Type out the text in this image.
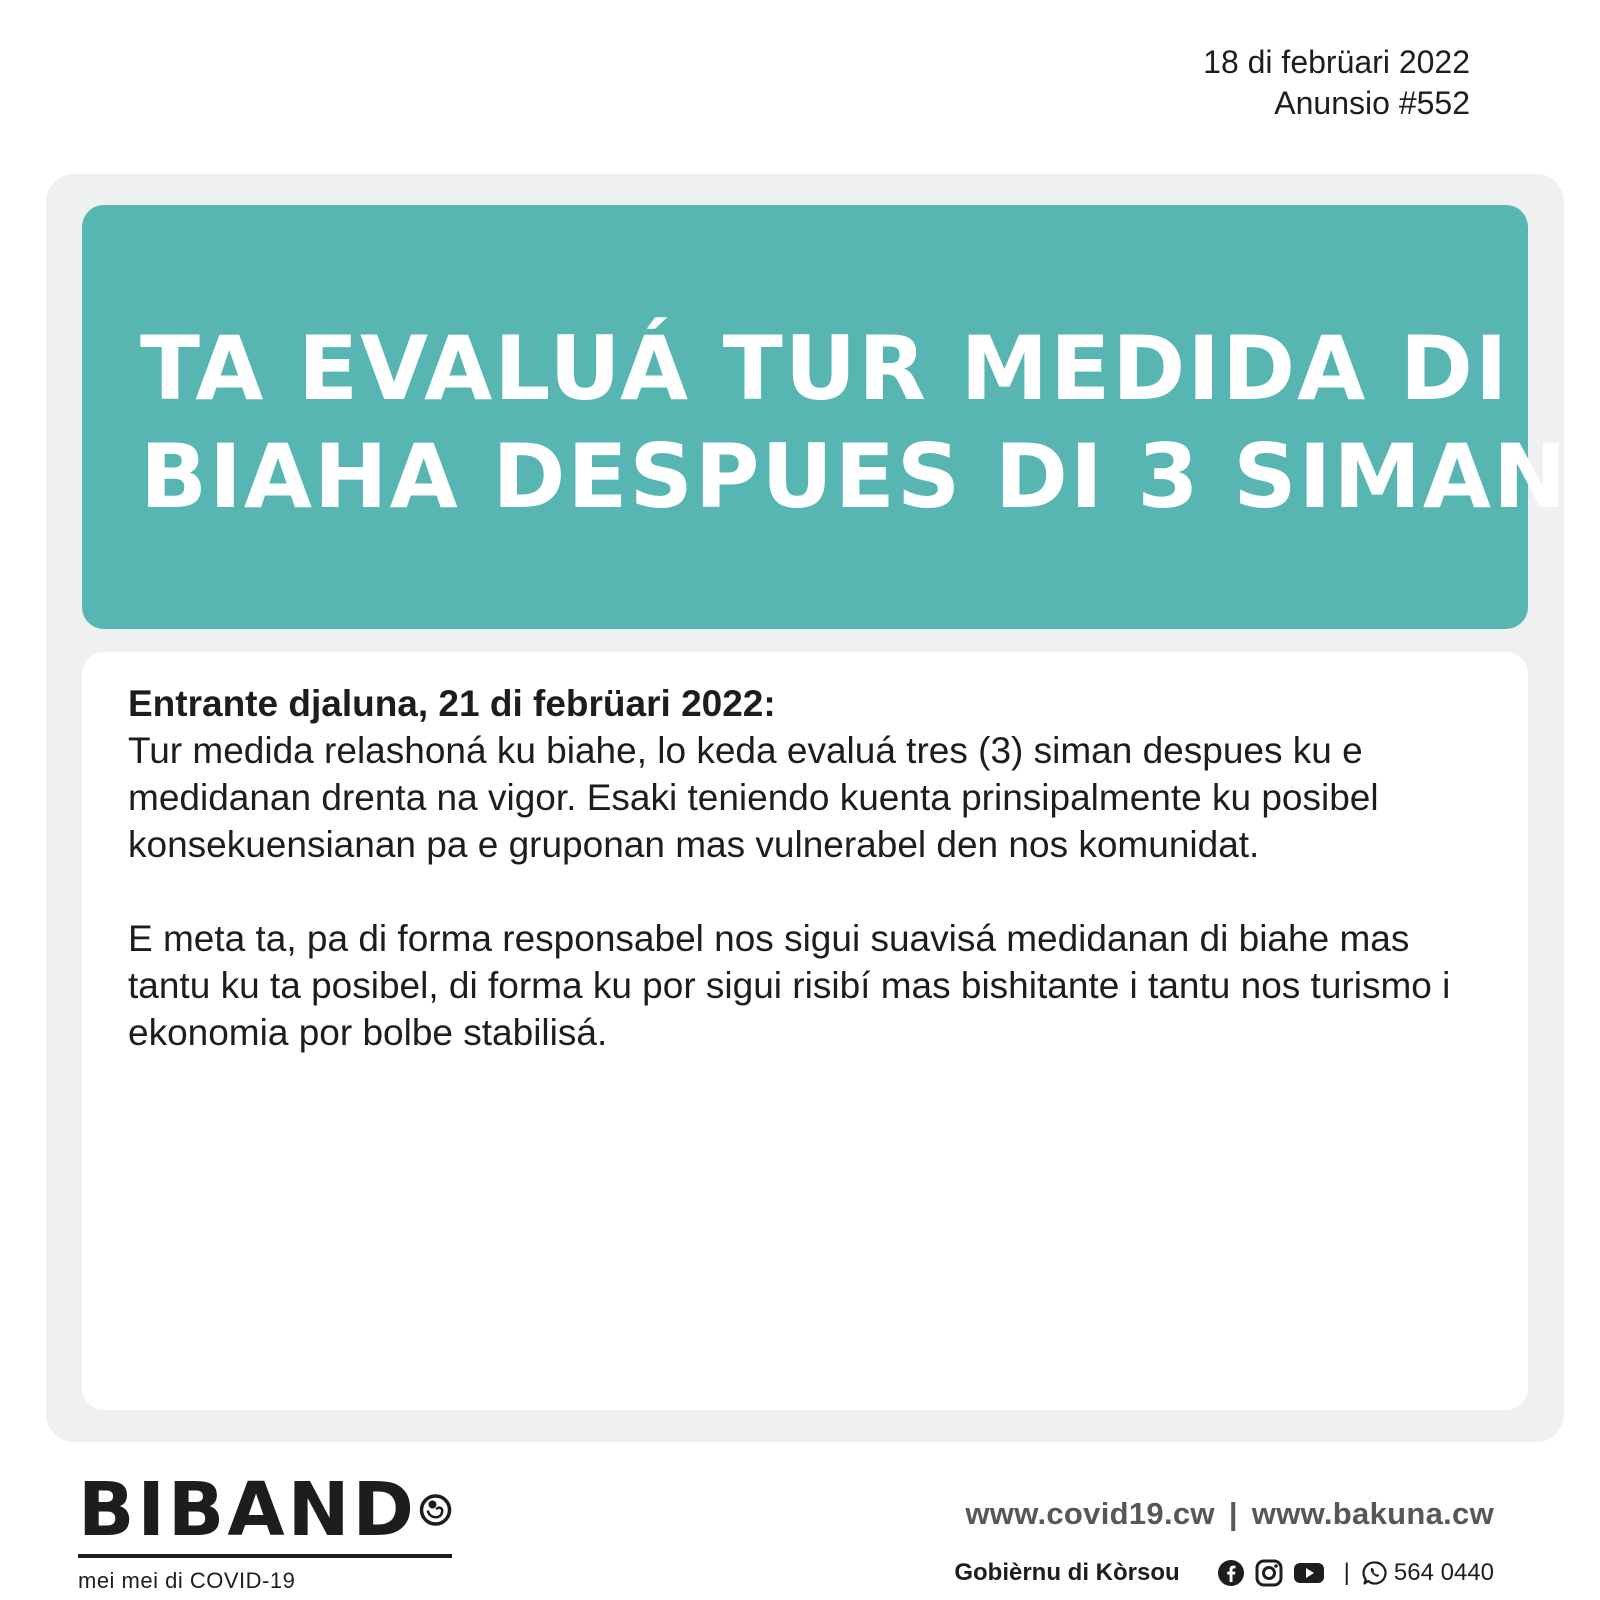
18 di febrüari 2022
Anunsio #552
TA EVALUÁ TUR MEDIDA DI
BIAHA DESPUES DI 3 SIMAN

Entrante djaluna, 21 di febrüari 2022:

Tur medida relashoná ku biahe, lo keda evaluá tres (3) siman despues ku e medidanan drenta na vigor. Esaki teniendo kuenta prinsipalmente ku posibel konsekuensianan pa e gruponan mas vulnerabel den nos komunidat.

E meta ta, pa di forma responsabel nos sigui suavisá medidanan di biahe mas tantu ku ta posibel, di forma ku por sigui risibí mas bishitante i tantu nos turismo i ekonomia por bolbe stabilisá.

BIBAND
mei mei di COVID-19
www.covid19.cw | www.bakuna.cw
Gobièrnu di Kòrsou	| 564 0440
